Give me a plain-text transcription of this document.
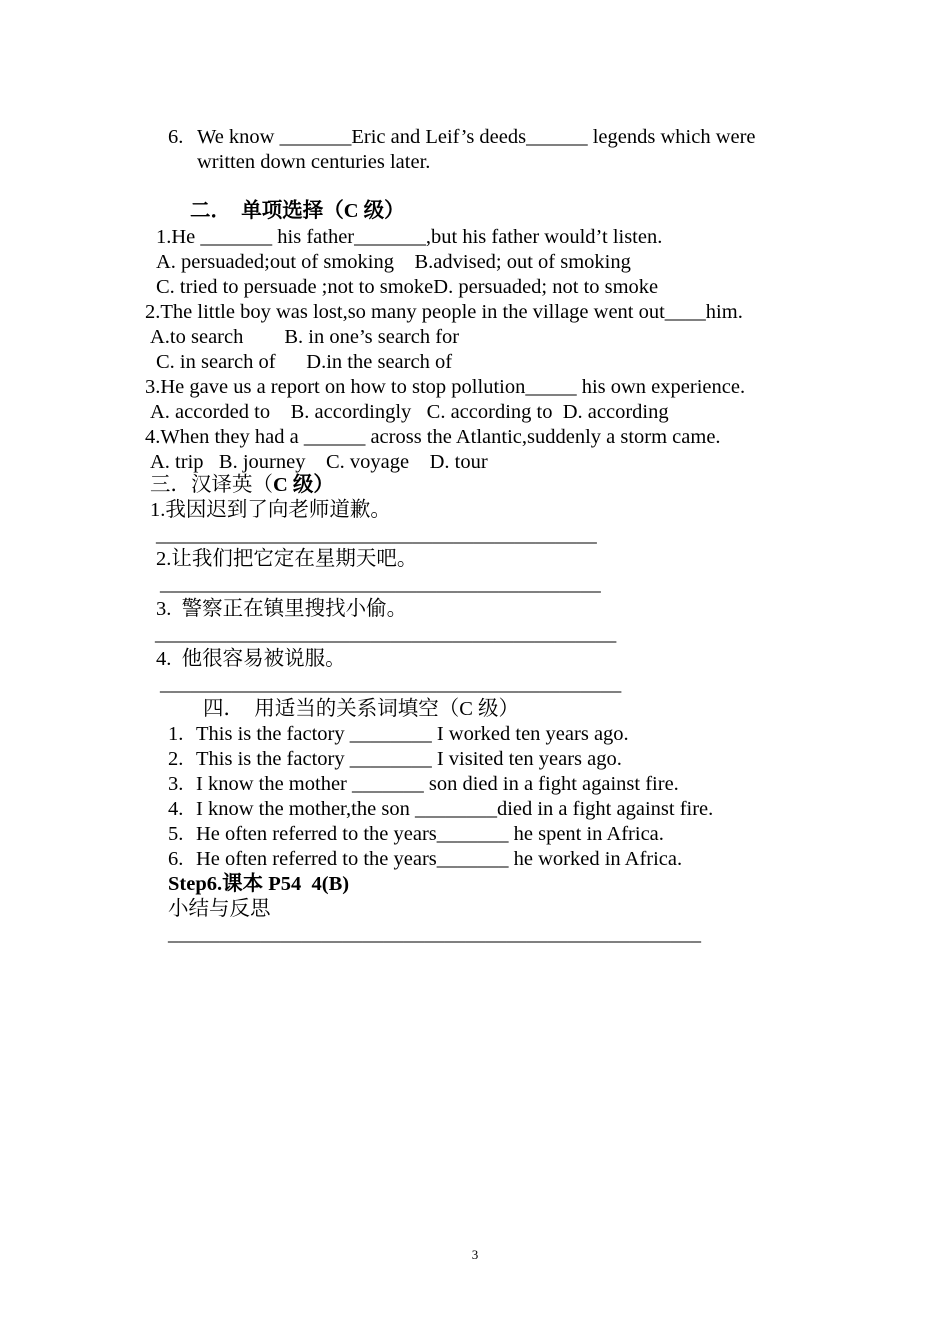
6. We know _______Eric and Leif’s deeds______ legends which were
written down centuries later.
二．  单项选择（C 级）
1.He _______ his father_______,but his father would’t listen.
A. persuaded;out of smoking    B.advised; out of smoking
C. tried to persuade ;not to smokeD. persuaded; not to smoke
2.The little boy was lost,so many people in the village went out____him.
A.to search        B. in one’s search for
C. in search of      D.in the search of
3.He gave us a report on how to stop pollution_____ his own experience.
A. accorded to    B. accordingly   C. according to  D. according
4.When they had a ______ across the Atlantic,suddenly a storm came.
A. trip   B. journey    C. voyage    D. tour
三．汉译英（C 级）
1.我因迟到了向老师道歉。
___________________________________________
2.让我们把它定在星期天吧。
___________________________________________
3.  警察正在镇里搜找小偷。
_____________________________________________
4.  他很容易被说服。
_____________________________________________
四．  用适当的关系词填空（C 级）
1. This is the factory ________ I worked ten years ago.
2. This is the factory ________ I visited ten years ago.
3. I know the mother _______ son died in a fight against fire.
4. I know the mother,the son ________died in a fight against fire.
5. He often referred to the years_______ he spent in Africa.
6. He often referred to the years_______ he worked in Africa.
Step6.课本 P54  4(B)
小结与反思
____________________________________________________
3
